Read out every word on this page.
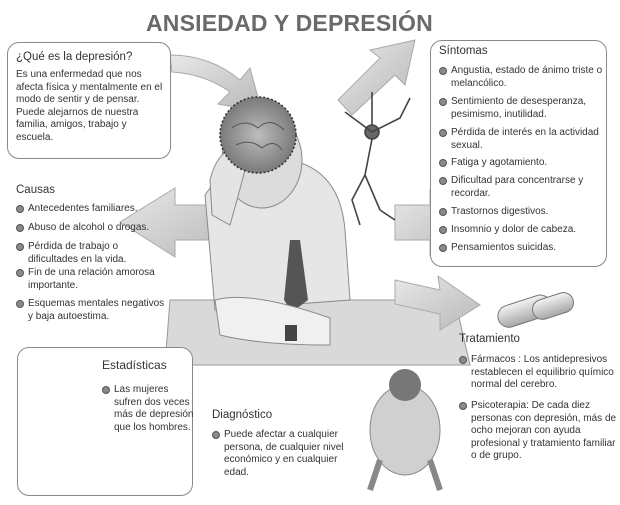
ANSIEDAD Y DEPRESIÓN
¿Qué es la depresión?
Es una enfermedad que nos afecta física y mentalmente en el modo de sentir y de pensar. Puede alejarnos de nuestra familia, amigos, trabajo y escuela.
Síntomas
Angustia, estado de ánimo triste o melancólico.
Sentimiento de desesperanza, pesimismo, inutilidad.
Pérdida de interés en la actividad sexual.
Fatiga y agotamiento.
Dificultad para concentrarse y recordar.
Trastornos digestivos.
Insomnio y dolor de cabeza.
Pensamientos suicidas.
Causas
Antecedentes familiares.
Abuso de alcohol o drogas.
Pérdida de trabajo o dificultades en la vida.
Fin de una relación amorosa importante.
Esquemas mentales negativos y baja autoestima.
Tratamiento
Fármacos : Los antidepresivos restablecen el equilibrio químico normal del cerebro.
Psicoterapia: De cada diez personas con depresión, más de ocho mejoran con ayuda profesional y tratamiento familiar o de grupo.
Estadísticas
Las mujeres sufren dos veces más de depresión que los hombres.
Diagnóstico
Puede afectar a cualquier persona, de cualquier nivel económico y en cualquier edad.
